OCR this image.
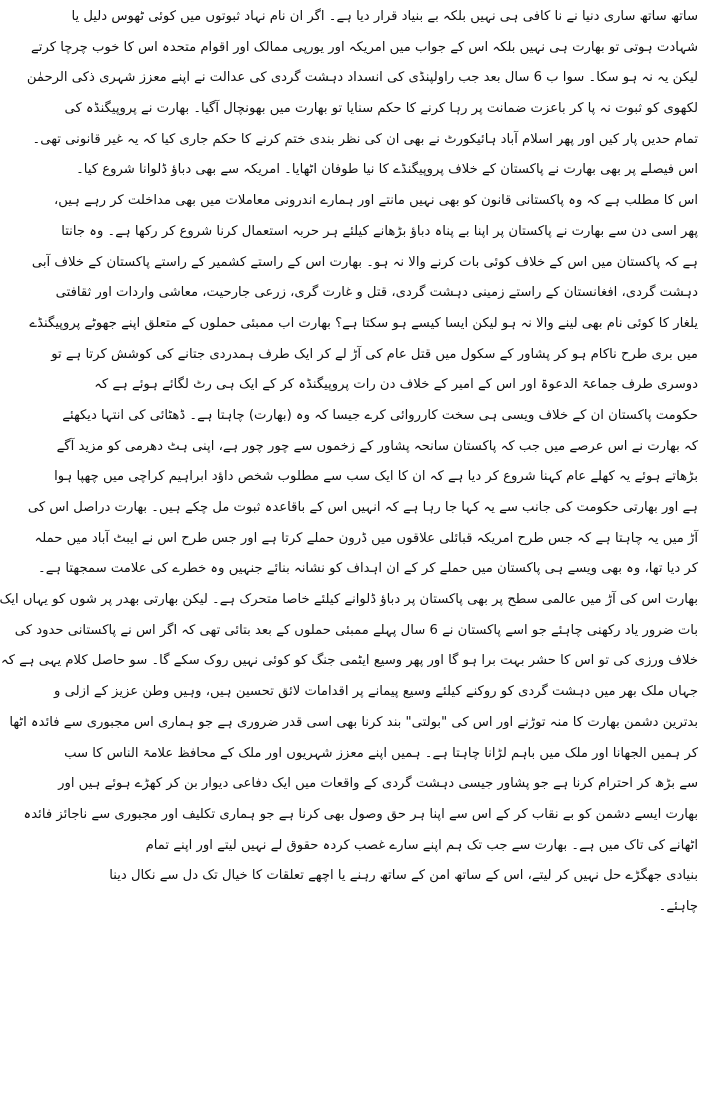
ساتھ ساتھ ساری دنیا نے نا کافی ہی نہیں بلکہ بے بنیاد قرار دیا ہے۔ اگر ان نام نہاد ثبوتوں میں کوئی ٹھوس دلیل یا
شہادت ہوتی تو بھارت ہی نہیں بلکہ اس کے جواب میں امریکہ اور یورپی ممالک اور اقوام متحدہ اس کا خوب چرچا کرتے
لیکن یہ نہ ہو سکا۔ سوا ب 6 سال بعد جب راولپنڈی کی انسداد دہشت گردی کی عدالت نے اپنے معزز شہری ذکی الرحمٰن
لکھوی کو ثبوت نہ پا کر باعزت ضمانت پر رہا کرنے کا حکم سنایا تو بھارت میں بھونچال آگیا۔ بھارت نے پروپیگنڈہ کی
تمام حدیں پار کیں اور پھر اسلام آباد ہائیکورٹ نے بھی ان کی نظر بندی ختم کرنے کا حکم جاری کیا کہ یہ غیر قانونی تھی۔
اس فیصلے پر بھی بھارت نے پاکستان کے خلاف پروپیگنڈے کا نیا طوفان اٹھایا۔ امریکہ سے بھی دباؤ ڈلوانا شروع کیا۔
اس کا مطلب ہے کہ وہ پاکستانی قانون کو بھی نہیں مانتے اور ہمارے اندرونی معاملات میں بھی مداخلت کر رہے ہیں،
پھر اسی دن سے بھارت نے پاکستان پر اپنا بے پناہ دباؤ بڑھانے کیلئے ہر حربہ استعمال کرنا شروع کر رکھا ہے۔ وہ جانتا
ہے کہ پاکستان میں اس کے خلاف کوئی بات کرنے والا نہ ہو۔ بھارت اس کے راستے کشمیر کے راستے پاکستان کے خلاف آبی
دہشت گردی، افغانستان کے راستے زمینی دہشت گردی، قتل و غارت گری، زرعی جارحیت، معاشی واردات اور ثقافتی
یلغار کا کوئی نام بھی لینے والا نہ ہو لیکن ایسا کیسے ہو سکتا ہے؟ بھارت اب ممبئی حملوں کے متعلق اپنے جھوٹے پروپیگنڈے
میں بری طرح ناکام ہو کر پشاور کے سکول میں قتل عام کی آڑ لے کر ایک طرف ہمدردی جتانے کی کوشش کرتا ہے تو
دوسری طرف جماعۃ الدعوۃ اور اس کے امیر کے خلاف دن رات پروپیگنڈہ کر کے ایک ہی رٹ لگائے ہوئے ہے کہ
حکومت پاکستان ان کے خلاف ویسی ہی سخت کارروائی کرے جیسا کہ وہ (بھارت) چاہتا ہے۔ ڈھٹائی کی انتہا دیکھئے
کہ بھارت نے اس عرصے میں جب کہ پاکستان سانحہ پشاور کے زخموں سے چور چور ہے، اپنی ہٹ دھرمی کو مزید آگے
بڑھاتے ہوئے یہ کھلے عام کہنا شروع کر دیا ہے کہ ان کا ایک سب سے مطلوب شخص داؤد ابراہیم کراچی میں چھپا ہوا
ہے اور بھارتی حکومت کی جانب سے یہ کہا جا رہا ہے کہ انہیں اس کے باقاعدہ ثبوت مل چکے ہیں۔ بھارت دراصل اس کی
آڑ میں یہ چاہتا ہے کہ جس طرح امریکہ قبائلی علاقوں میں ڈرون حملے کرتا ہے اور جس طرح اس نے ایبٹ آباد میں حملہ
کر دیا تھا، وہ بھی ویسے ہی پاکستان میں حملے کر کے ان اہداف کو نشانہ بنائے جنہیں وہ خطرے کی علامت سمجھتا ہے۔
بھارت اس کی آڑ میں عالمی سطح پر بھی پاکستان پر دباؤ ڈلوانے کیلئے خاصا متحرک ہے۔ لیکن بھارتی بھدر پر شوں کو یہاں ایک
بات ضرور یاد رکھنی چاہئے جو اسے پاکستان نے 6 سال پہلے ممبئی حملوں کے بعد بتائی تھی کہ اگر اس نے پاکستانی حدود کی
خلاف ورزی کی تو اس کا حشر بہت برا ہو گا اور پھر وسیع ایٹمی جنگ کو کوئی نہیں روک سکے گا۔ سو حاصل کلام یہی ہے کہ
جہاں ملک بھر میں دہشت گردی کو روکنے کیلئے وسیع پیمانے پر اقدامات لائق تحسین ہیں، وہیں وطن عزیز کے ازلی و
بدترین دشمن بھارت کا منہ توڑنے اور اس کی "بولتی" بند کرنا بھی اسی قدر ضروری ہے جو ہماری اس مجبوری سے فائدہ اٹھا
کر ہمیں الجھانا اور ملک میں باہم لڑانا چاہتا ہے۔ ہمیں اپنے معزز شہریوں اور ملک کے محافظ علامۃ الناس کا سب
سے بڑھ کر احترام کرنا ہے جو پشاور جیسی دہشت گردی کے واقعات میں ایک دفاعی دیوار بن کر کھڑے ہوئے ہیں اور
بھارت ایسے دشمن کو بے نقاب کر کے اس سے اپنا ہر حق وصول بھی کرنا ہے جو ہماری تکلیف اور مجبوری سے ناجائز فائدہ
اٹھانے کی تاک میں ہے۔ بھارت سے جب تک ہم اپنے سارے غصب کردہ حقوق لے نہیں لیتے اور اپنے تمام
بنیادی جھگڑے حل نہیں کر لیتے، اس کے ساتھ امن کے ساتھ رہنے یا اچھے تعلقات کا خیال تک دل سے نکال دینا
چاہئے۔
